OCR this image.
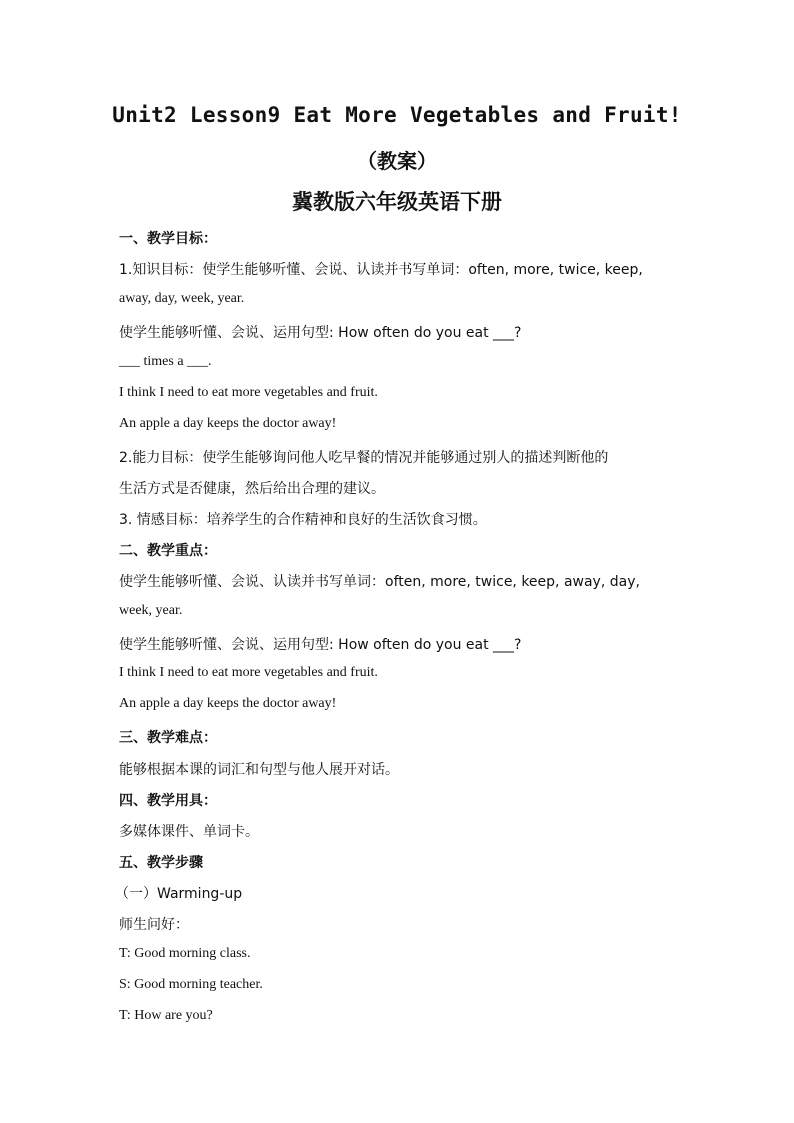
Unit2 Lesson9 Eat More Vegetables and Fruit!
（教案）
冀教版六年级英语下册
一、教学目标：
1.知识目标：使学生能够听懂、会说、认读并书写单词：often, more, twice, keep,
away, day, week, year.
使学生能够听懂、会说、运用句型: How often do you eat ___?
___ times a ___.
I think I need to eat more vegetables and fruit.
An apple a day keeps the doctor away!
2.能力目标：使学生能够询问他人吃早餐的情况并能够通过别人的描述判断他的
生活方式是否健康，然后给出合理的建议。
3. 情感目标：培养学生的合作精神和良好的生活饮食习惯。
二、教学重点：
使学生能够听懂、会说、认读并书写单词：often, more, twice, keep, away, day,
week, year.
使学生能够听懂、会说、运用句型: How often do you eat ___?
I think I need to eat more vegetables and fruit.
An apple a day keeps the doctor away!
三、教学难点：
能够根据本课的词汇和句型与他人展开对话。
四、教学用具：
多媒体课件、单词卡。
五、教学步骤
（一）Warming-up
师生问好：
T: Good morning class.
S: Good morning teacher.
T: How are you?
